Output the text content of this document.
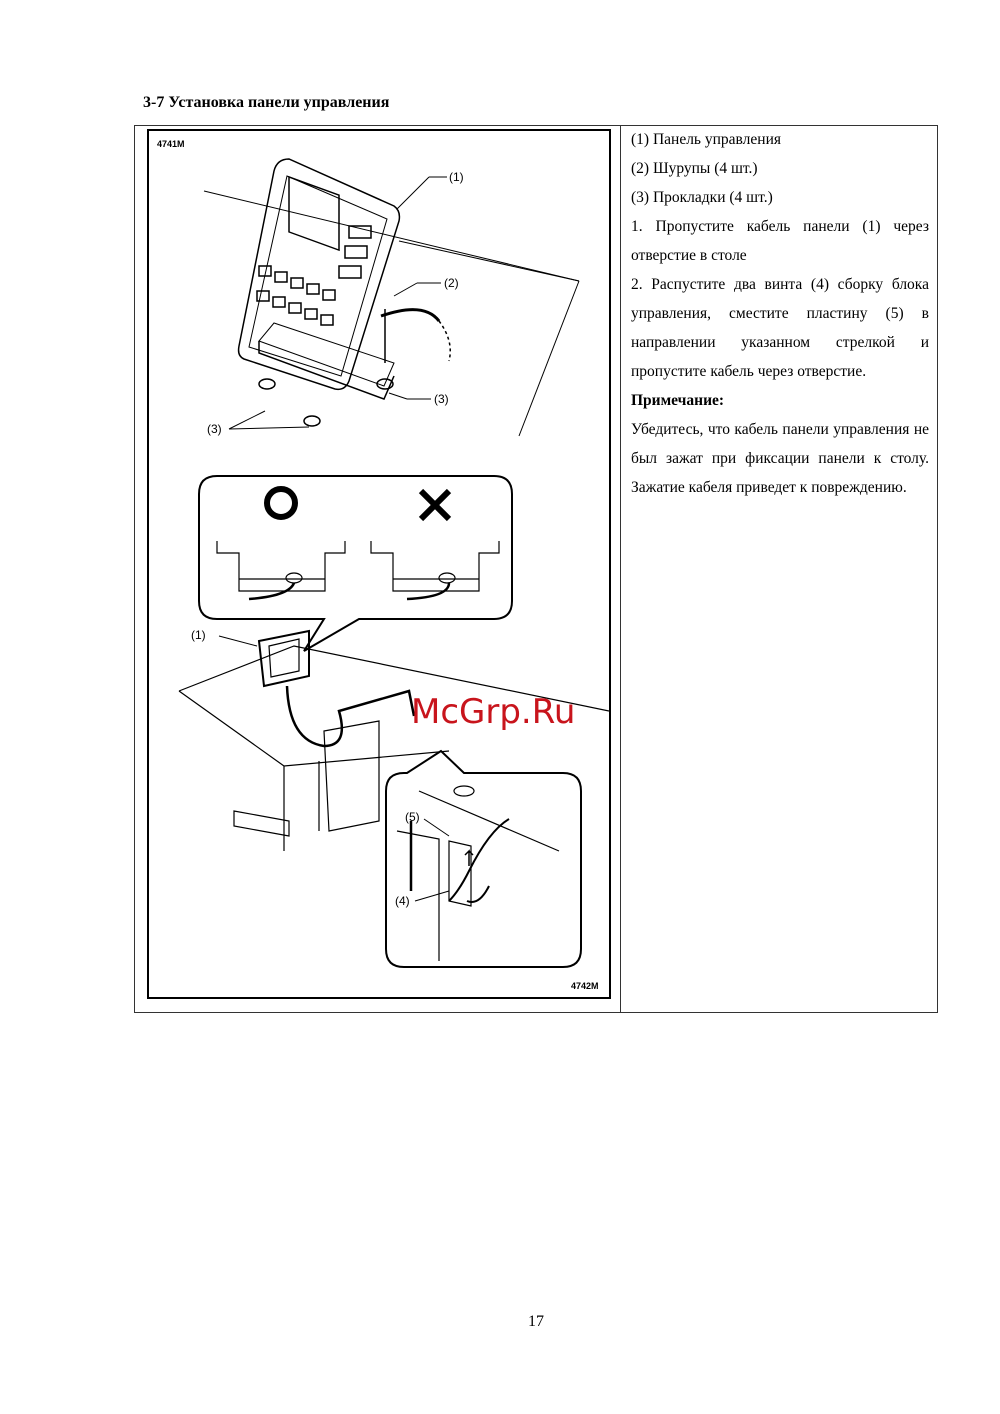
3-7 Установка панели управления
4741M
(1)
(2)
(3)
(3)
(1)
(5)
(4)
McGrp.Ru
4742M

(1) Панель управления

(2) Шурупы (4 шт.)

(3) Прокладки (4 шт.)

1. Пропустите кабель панели (1) через отверстие в столе

2. Распустите два винта (4) сборку блока управления, сместите пластину (5) в направлении указанном стрелкой и пропустите кабель через отверстие.

Примечание:

Убедитесь, что кабель панели управления не был зажат при фиксации панели к столу. Зажатие кабеля приведет к повреждению.

17
